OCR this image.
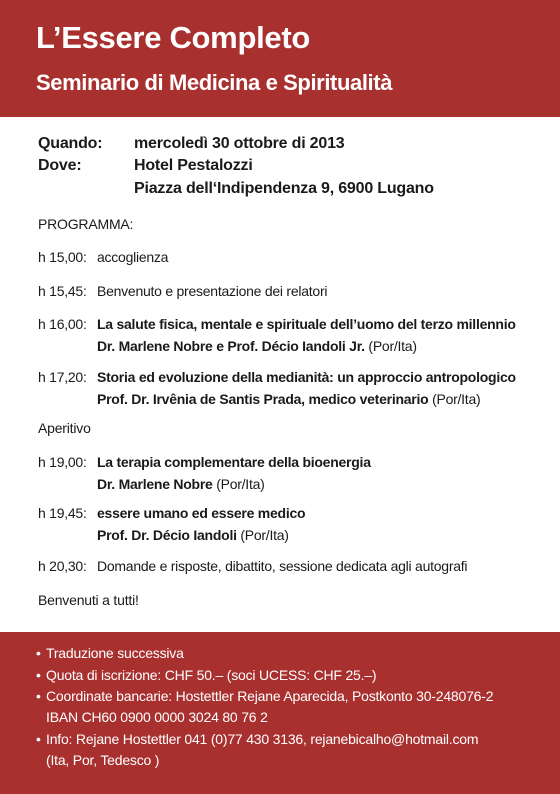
L’Essere Completo
Seminario di Medicina e Spiritualità
Quando: mercoledì 30 ottobre di 2013
Dove:	Hotel Pestalozzi
Piazza dell‘Indipendenza 9, 6900 Lugano
PROGRAMMA:
h 15,00: accoglienza
h 15,45: Benvenuto e presentazione dei relatori
h 16,00: La salute fisica, mentale e spirituale dell’uomo del terzo millennio
Dr. Marlene Nobre e Prof. Décio Iandoli Jr. (Por/Ita)
h 17,20: Storia ed evoluzione della medianità: un approccio antropologico
Prof. Dr. Irvênia de Santis Prada, medico veterinario (Por/Ita)
Aperitivo
h 19,00: La terapia complementare della bioenergia
Dr. Marlene Nobre (Por/Ita)
h 19,45: essere umano ed essere medico
Prof. Dr. Décio Iandoli (Por/Ita)
h 20,30: Domande e risposte, dibattito, sessione dedicata agli autografi
Benvenuti a tutti!
• Traduzione successiva
• Quota di iscrizione: CHF 50.– (soci UCESS: CHF 25.–)
• Coordinate bancarie: Hostettler Rejane Aparecida, Postkonto 30-248076-2
IBAN CH60 0900 0000 3024 80 76 2
• Info: Rejane Hostettler 041 (0)77 430 3136, rejanebicalho@hotmail.com
(Ita, Por, Tedesco )
